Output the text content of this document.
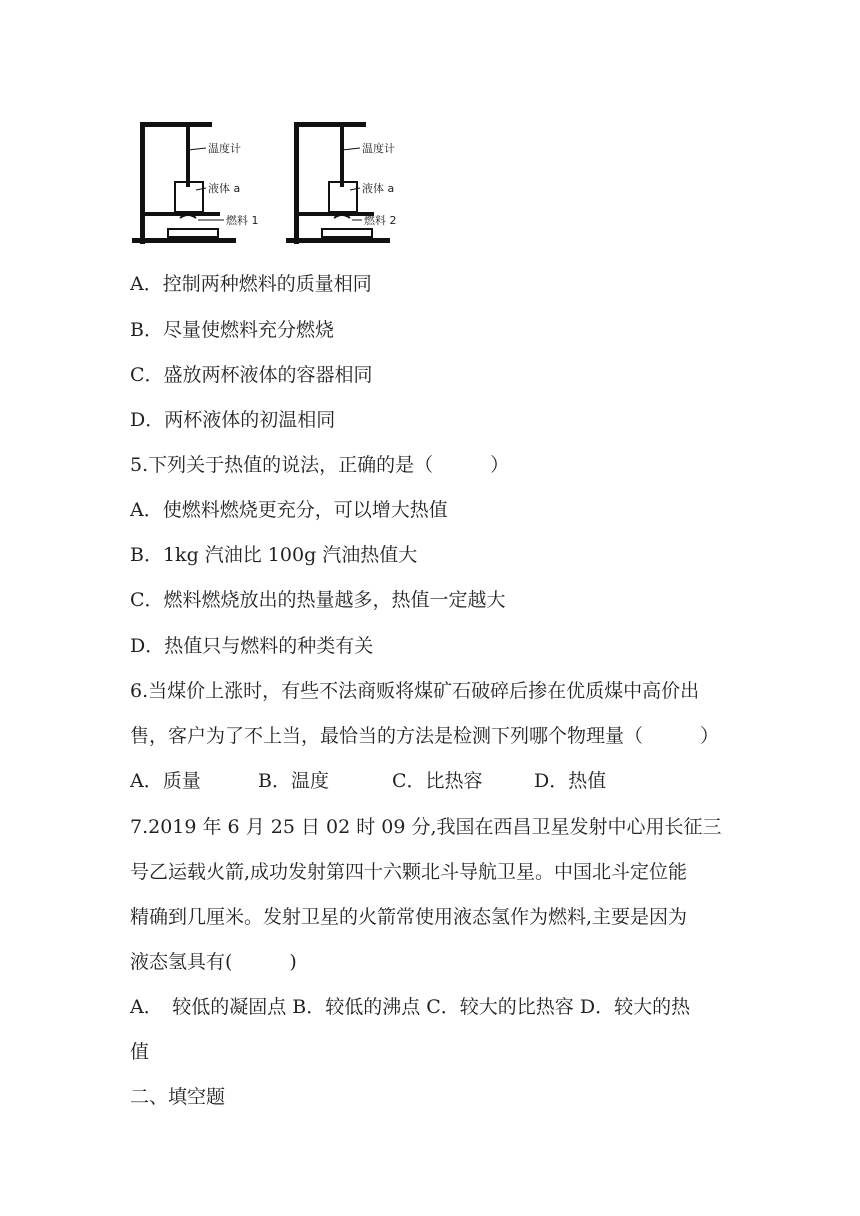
温度计
液体 a
燃料 1
温度计
液体 a
燃料 2
A．控制两种燃料的质量相同
B．尽量使燃料充分燃烧
C．盛放两杯液体的容器相同
D．两杯液体的初温相同
5.下列关于热值的说法，正确的是（　　　）
A．使燃料燃烧更充分，可以增大热值
B．1kg 汽油比 100g 汽油热值大
C．燃料燃烧放出的热量越多，热值一定越大
D．热值只与燃料的种类有关
6.当煤价上涨时，有些不法商贩将煤矿石破碎后掺在优质煤中高价出
售，客户为了不上当，最恰当的方法是检测下列哪个物理量（　　　）
A．质量	B．温度	C．比热容	D．热值
7.2019 年 6 月 25 日 02 时 09 分,我国在西昌卫星发射中心用长征三
号乙运载火箭,成功发射第四十六颗北斗导航卫星。中国北斗定位能
精确到几厘米。发射卫星的火箭常使用液态氢作为燃料,主要是因为
液态氢具有(　　　)
A．　较低的凝固点 B．较低的沸点 C．较大的比热容 D．较大的热
值
二、填空题
